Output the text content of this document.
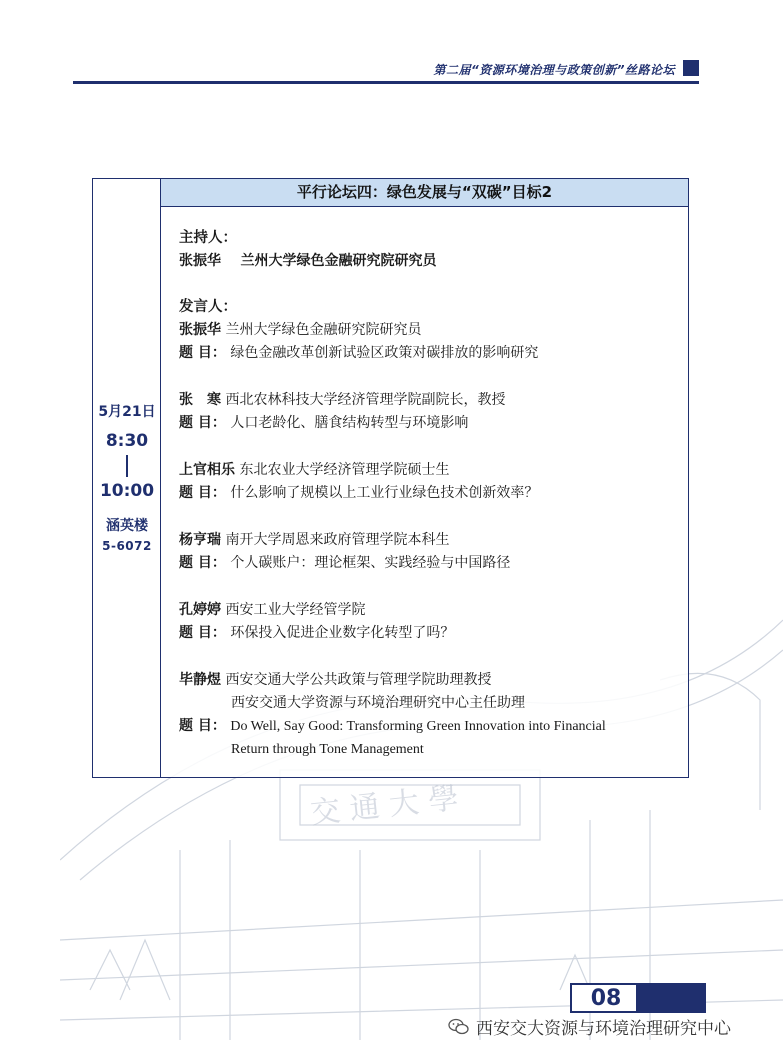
第二届“资源环境治理与政策创新”丝路论坛
交 通 大 學
5月21日
8:30
10:00
涵英楼
5-6072
平行论坛四：绿色发展与“双碳”目标2
主持人：
张振华 兰州大学绿色金融研究院研究员
发言人：
张振华 兰州大学绿色金融研究院研究员
题 目： 绿色金融改革创新试验区政策对碳排放的影响研究
张　寒 西北农林科技大学经济管理学院副院长，教授
题 目： 人口老龄化、膳食结构转型与环境影响
上官相乐 东北农业大学经济管理学院硕士生
题 目： 什么影响了规模以上工业行业绿色技术创新效率？
杨亨瑞 南开大学周恩来政府管理学院本科生
题 目： 个人碳账户：理论框架、实践经验与中国路径
孔婷婷 西安工业大学经管学院
题 目： 环保投入促进企业数字化转型了吗？
毕静煜 西安交通大学公共政策与管理学院助理教授
西安交通大学资源与环境治理研究中心主任助理
题 目： Do Well, Say Good: Transforming Green Innovation into Financial
Return through Tone Management
08
西安交大资源与环境治理研究中心
